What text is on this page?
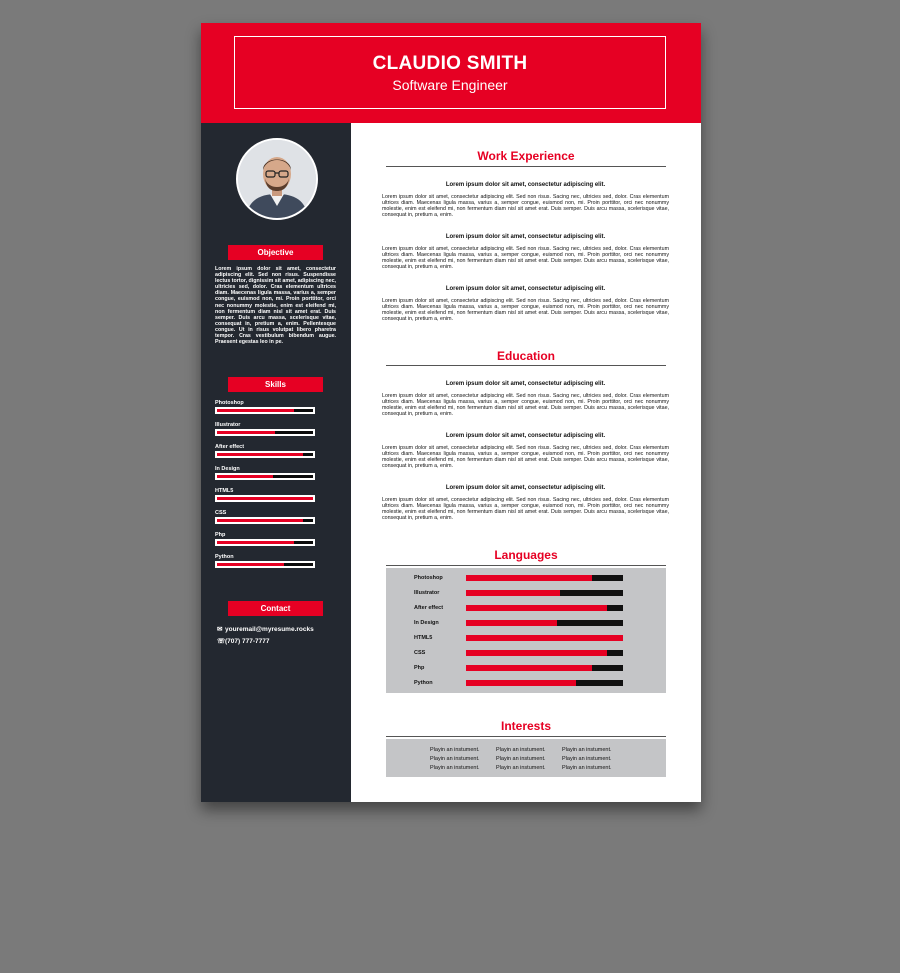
CLAUDIO SMITH
Software Engineer
Objective
Lorem ipsum dolor sit amet, consectetur adipiscing elit. Sed non risus. Suspendisse lectus tortor, dignissim sit amet, adipiscing nec, ultricies sed, dolor. Cras elementum ultrices diam. Maecenas ligula massa, varius a, semper congue, euismod non, mi. Proin porttitor, orci nec nonummy molestie, enim est eleifend mi, non fermentum diam nisl sit amet erat. Duis semper. Duis arcu massa, scelerisque vitae, consequat in, pretium a, enim. Pellentesque congue. Ut in risus volutpat libero pharetra tempor. Cras vestibulum bibendum augue. Praesent egestas leo in pe.
Skills
Photoshop
Illustrator
After effect
In Design
HTML5
CSS
Php
Python
Contact
✉ youremail@myresume.rocks
☏(707) 777-7777
Work Experience
Lorem ipsum dolor sit amet, consectetur adipiscing elit.
Lorem ipsum dolor sit amet, consectetur adipiscing elit. Sed non risus. Sacing nec, ultricies sed, dolor. Cras elementum ultrices diam. Maecenas ligula massa, varius a, semper congue, euismod non, mi. Proin porttitor, orci nec nonummy molestie, enim est eleifend mi, non fermentum diam nisl sit amet erat. Duis semper. Duis arcu massa, scelerisque vitae, consequat in, pretium a, enim.
Lorem ipsum dolor sit amet, consectetur adipiscing elit.
Lorem ipsum dolor sit amet, consectetur adipiscing elit. Sed non risus. Sacing nec, ultricies sed, dolor. Cras elementum ultrices diam. Maecenas ligula massa, varius a, semper congue, euismod non, mi. Proin porttitor, orci nec nonummy molestie, enim est eleifend mi, non fermentum diam nisl sit amet erat. Duis semper. Duis arcu massa, scelerisque vitae, consequat in, pretium a, enim.
Lorem ipsum dolor sit amet, consectetur adipiscing elit.
Lorem ipsum dolor sit amet, consectetur adipiscing elit. Sed non risus. Sacing nec, ultricies sed, dolor. Cras elementum ultrices diam. Maecenas ligula massa, varius a, semper congue, euismod non, mi. Proin porttitor, orci nec nonummy molestie, enim est eleifend mi, non fermentum diam nisl sit amet erat. Duis semper. Duis arcu massa, scelerisque vitae, consequat in, pretium a, enim.
Education
Lorem ipsum dolor sit amet, consectetur adipiscing elit.
Lorem ipsum dolor sit amet, consectetur adipiscing elit. Sed non risus. Sacing nec, ultricies sed, dolor. Cras elementum ultrices diam. Maecenas ligula massa, varius a, semper congue, euismod non, mi. Proin porttitor, orci nec nonummy molestie, enim est eleifend mi, non fermentum diam nisl sit amet erat. Duis semper. Duis arcu massa, scelerisque vitae, consequat in, pretium a, enim.
Lorem ipsum dolor sit amet, consectetur adipiscing elit.
Lorem ipsum dolor sit amet, consectetur adipiscing elit. Sed non risus. Sacing nec, ultricies sed, dolor. Cras elementum ultrices diam. Maecenas ligula massa, varius a, semper congue, euismod non, mi. Proin porttitor, orci nec nonummy molestie, enim est eleifend mi, non fermentum diam nisl sit amet erat. Duis semper. Duis arcu massa, scelerisque vitae, consequat in, pretium a, enim.
Lorem ipsum dolor sit amet, consectetur adipiscing elit.
Lorem ipsum dolor sit amet, consectetur adipiscing elit. Sed non risus. Sacing nec, ultricies sed, dolor. Cras elementum ultrices diam. Maecenas ligula massa, varius a, semper congue, euismod non, mi. Proin porttitor, orci nec nonummy molestie, enim est eleifend mi, non fermentum diam nisl sit amet erat. Duis semper. Duis arcu massa, scelerisque vitae, consequat in, pretium a, enim.
Languages
Photoshop
Illustrator
After effect
In Design
HTML5
CSS
Php
Python
Interests
Playin an instument.	Playin an instument.	Playin an instument.
Playin an instument.	Playin an instument.	Playin an instument.
Playin an instument.	Playin an instument.	Playin an instument.
